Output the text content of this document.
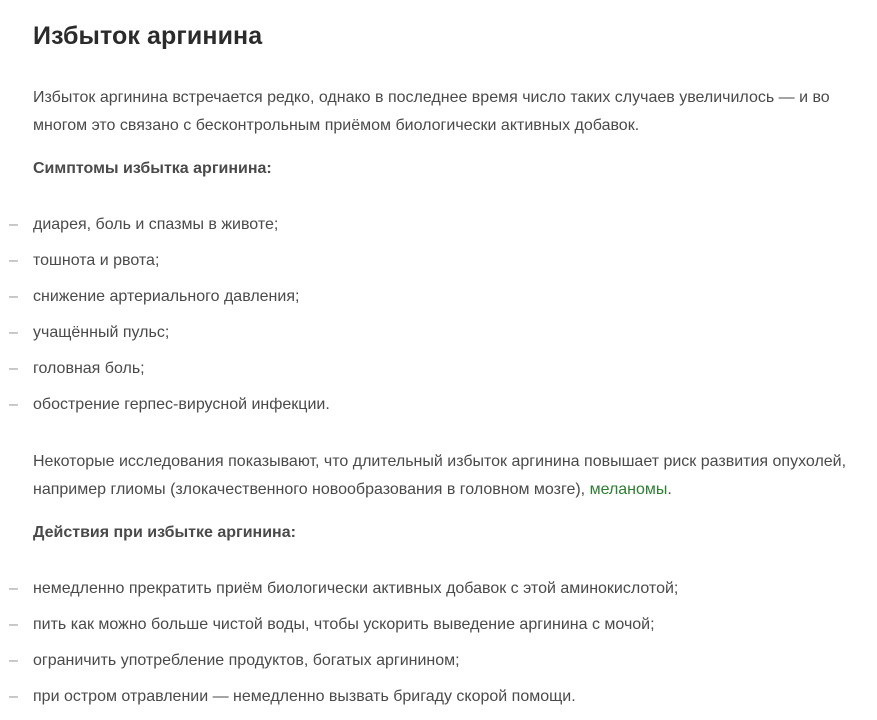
Избыток аргинина

Избыток аргинина встречается редко, однако в последнее время число таких случаев увеличилось — и во многом это связано с бесконтрольным приёмом биологически активных добавок.

Симптомы избытка аргинина:
– диарея, боль и спазмы в животе;
– тошнота и рвота;
– снижение артериального давления;
– учащённый пульс;
– головная боль;
– обострение герпес-вирусной инфекции.

Некоторые исследования показывают, что длительный избыток аргинина повышает риск развития опухолей, например глиомы (злокачественного новообразования в головном мозге), меланомы.

Действия при избытке аргинина:
– немедленно прекратить приём биологически активных добавок с этой аминокислотой;
– пить как можно больше чистой воды, чтобы ускорить выведение аргинина с мочой;
– ограничить употребление продуктов, богатых аргинином;
– при остром отравлении — немедленно вызвать бригаду скорой помощи.
